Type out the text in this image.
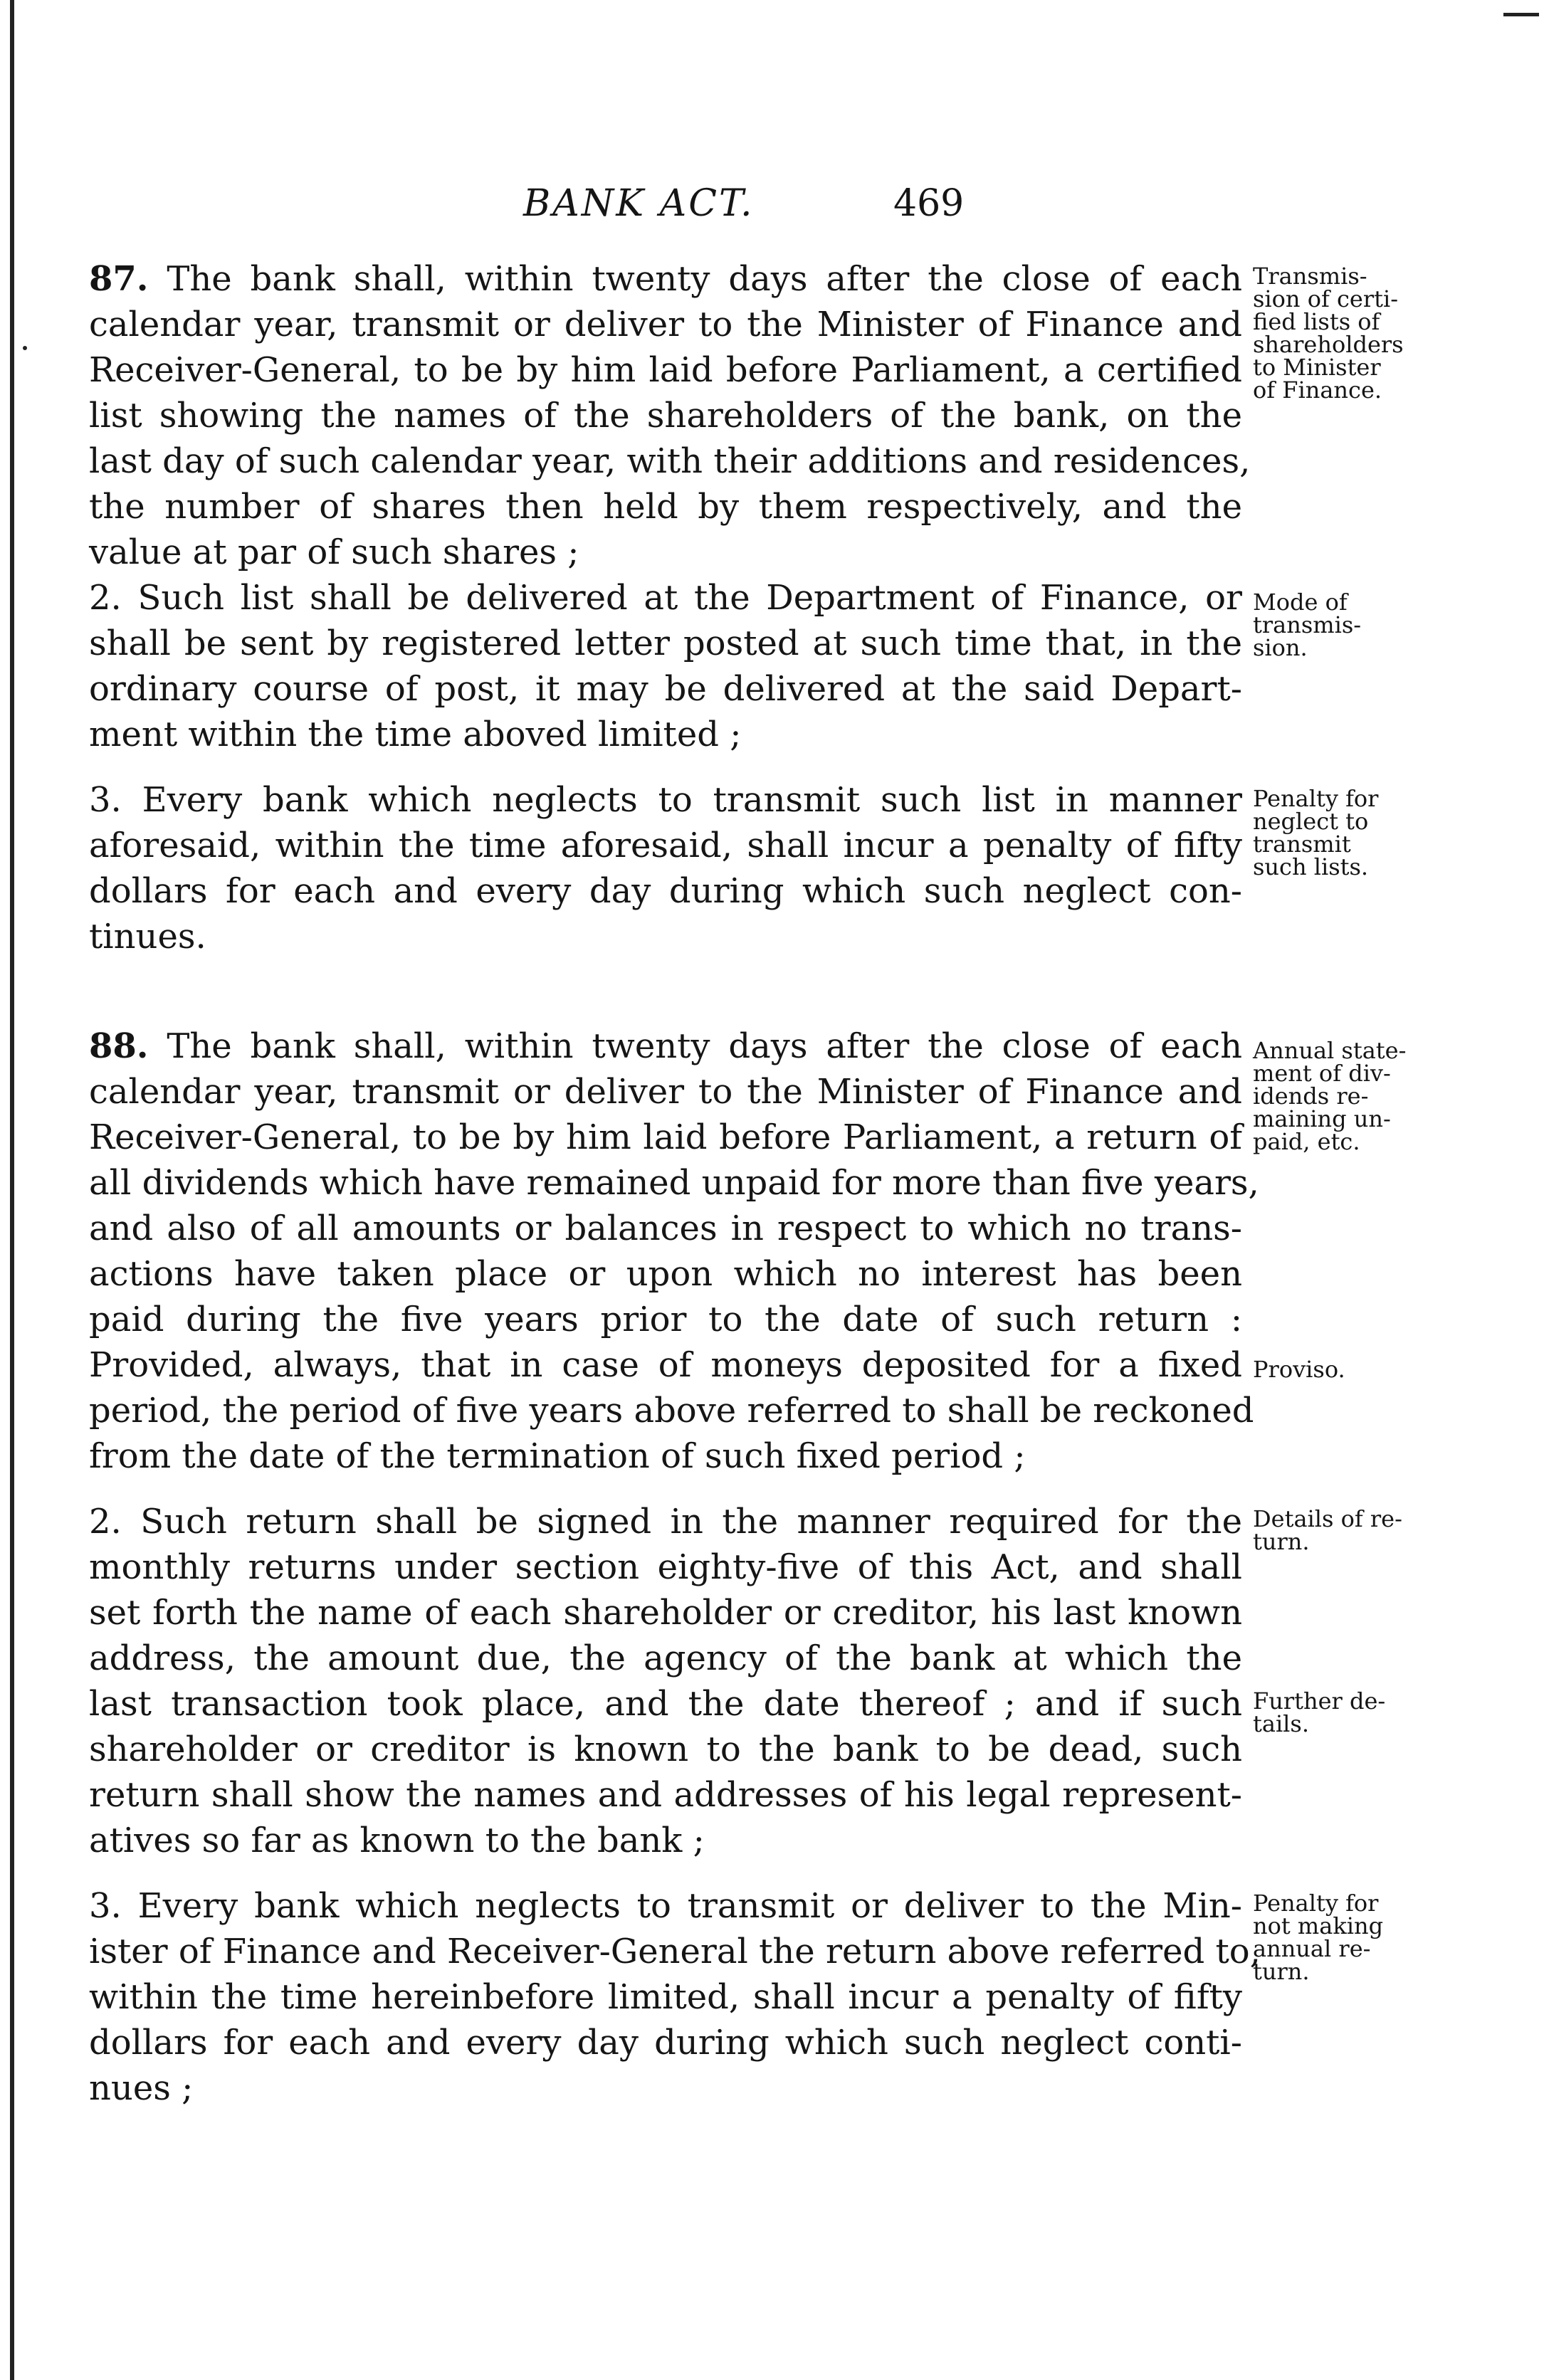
BANK ACT.	469
87. The bank shall, within twenty days after the close of each
calendar year, transmit or deliver to the Minister of Finance and
Receiver-General, to be by him laid before Parliament, a certified
list showing the names of the shareholders of the bank, on the
last day of such calendar year, with their additions and residences,
the number of shares then held by them respectively, and the
value at par of such shares ;
Transmis-
sion of certi-
fied lists of
shareholders
to Minister
of Finance.
2. Such list shall be delivered at the Department of Finance, or
shall be sent by registered letter posted at such time that, in the
ordinary course of post, it may be delivered at the said Depart-
ment within the time aboved limited ;
Mode of
transmis-
sion.
3. Every bank which neglects to transmit such list in manner
aforesaid, within the time aforesaid, shall incur a penalty of fifty
dollars for each and every day during which such neglect con-
tinues.
Penalty for
neglect to
transmit
such lists.
88. The bank shall, within twenty days after the close of each
calendar year, transmit or deliver to the Minister of Finance and
Receiver-General, to be by him laid before Parliament, a return of
all dividends which have remained unpaid for more than five years,
and also of all amounts or balances in respect to which no trans-
actions have taken place or upon which no interest has been
paid during the five years prior to the date of such return :
Provided, always, that in case of moneys deposited for a fixed
period, the period of five years above referred to shall be reckoned
from the date of the termination of such fixed period ;
Annual state-
ment of div-
idends re-
maining un-
paid, etc.
Proviso.
2. Such return shall be signed in the manner required for the
monthly returns under section eighty-five of this Act, and shall
set forth the name of each shareholder or creditor, his last known
address, the amount due, the agency of the bank at which the
last transaction took place, and the date thereof ; and if such
shareholder or creditor is known to the bank to be dead, such
return shall show the names and addresses of his legal represent-
atives so far as known to the bank ;
Details of re-
turn.
Further de-
tails.
3. Every bank which neglects to transmit or deliver to the Min-
ister of Finance and Receiver-General the return above referred to,
within the time hereinbefore limited, shall incur a penalty of fifty
dollars for each and every day during which such neglect conti-
nues ;
Penalty for
not making
annual re-
turn.
